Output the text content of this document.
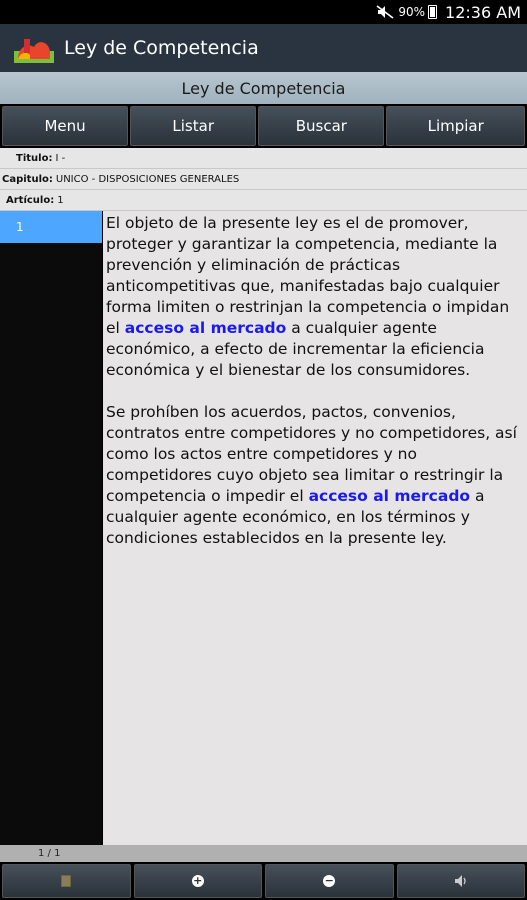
90% 12:36 AM
Ley de Competencia
Ley de Competencia
Menu	Listar	Buscar	Limpiar
Titulo: I -
Capitulo: UNICO - DISPOSICIONES GENERALES
Artículo: 1
1	El objeto de la presente ley es el de promover, proteger y garantizar la competencia, mediante la prevención y eliminación de prácticas anticompetitivas que, manifestadas bajo cualquier forma limiten o restrinjan la competencia o impidan el acceso al mercado a cualquier agente económico, a efecto de incrementar la eficiencia económica y el bienestar de los consumidores.

Se prohíben los acuerdos, pactos, convenios, contratos entre competidores y no competidores, así como los actos entre competidores y no competidores cuyo objeto sea limitar o restringir la competencia o impedir el acceso al mercado a cualquier agente económico, en los términos y condiciones establecidos en la presente ley.

1 / 1
+	−
